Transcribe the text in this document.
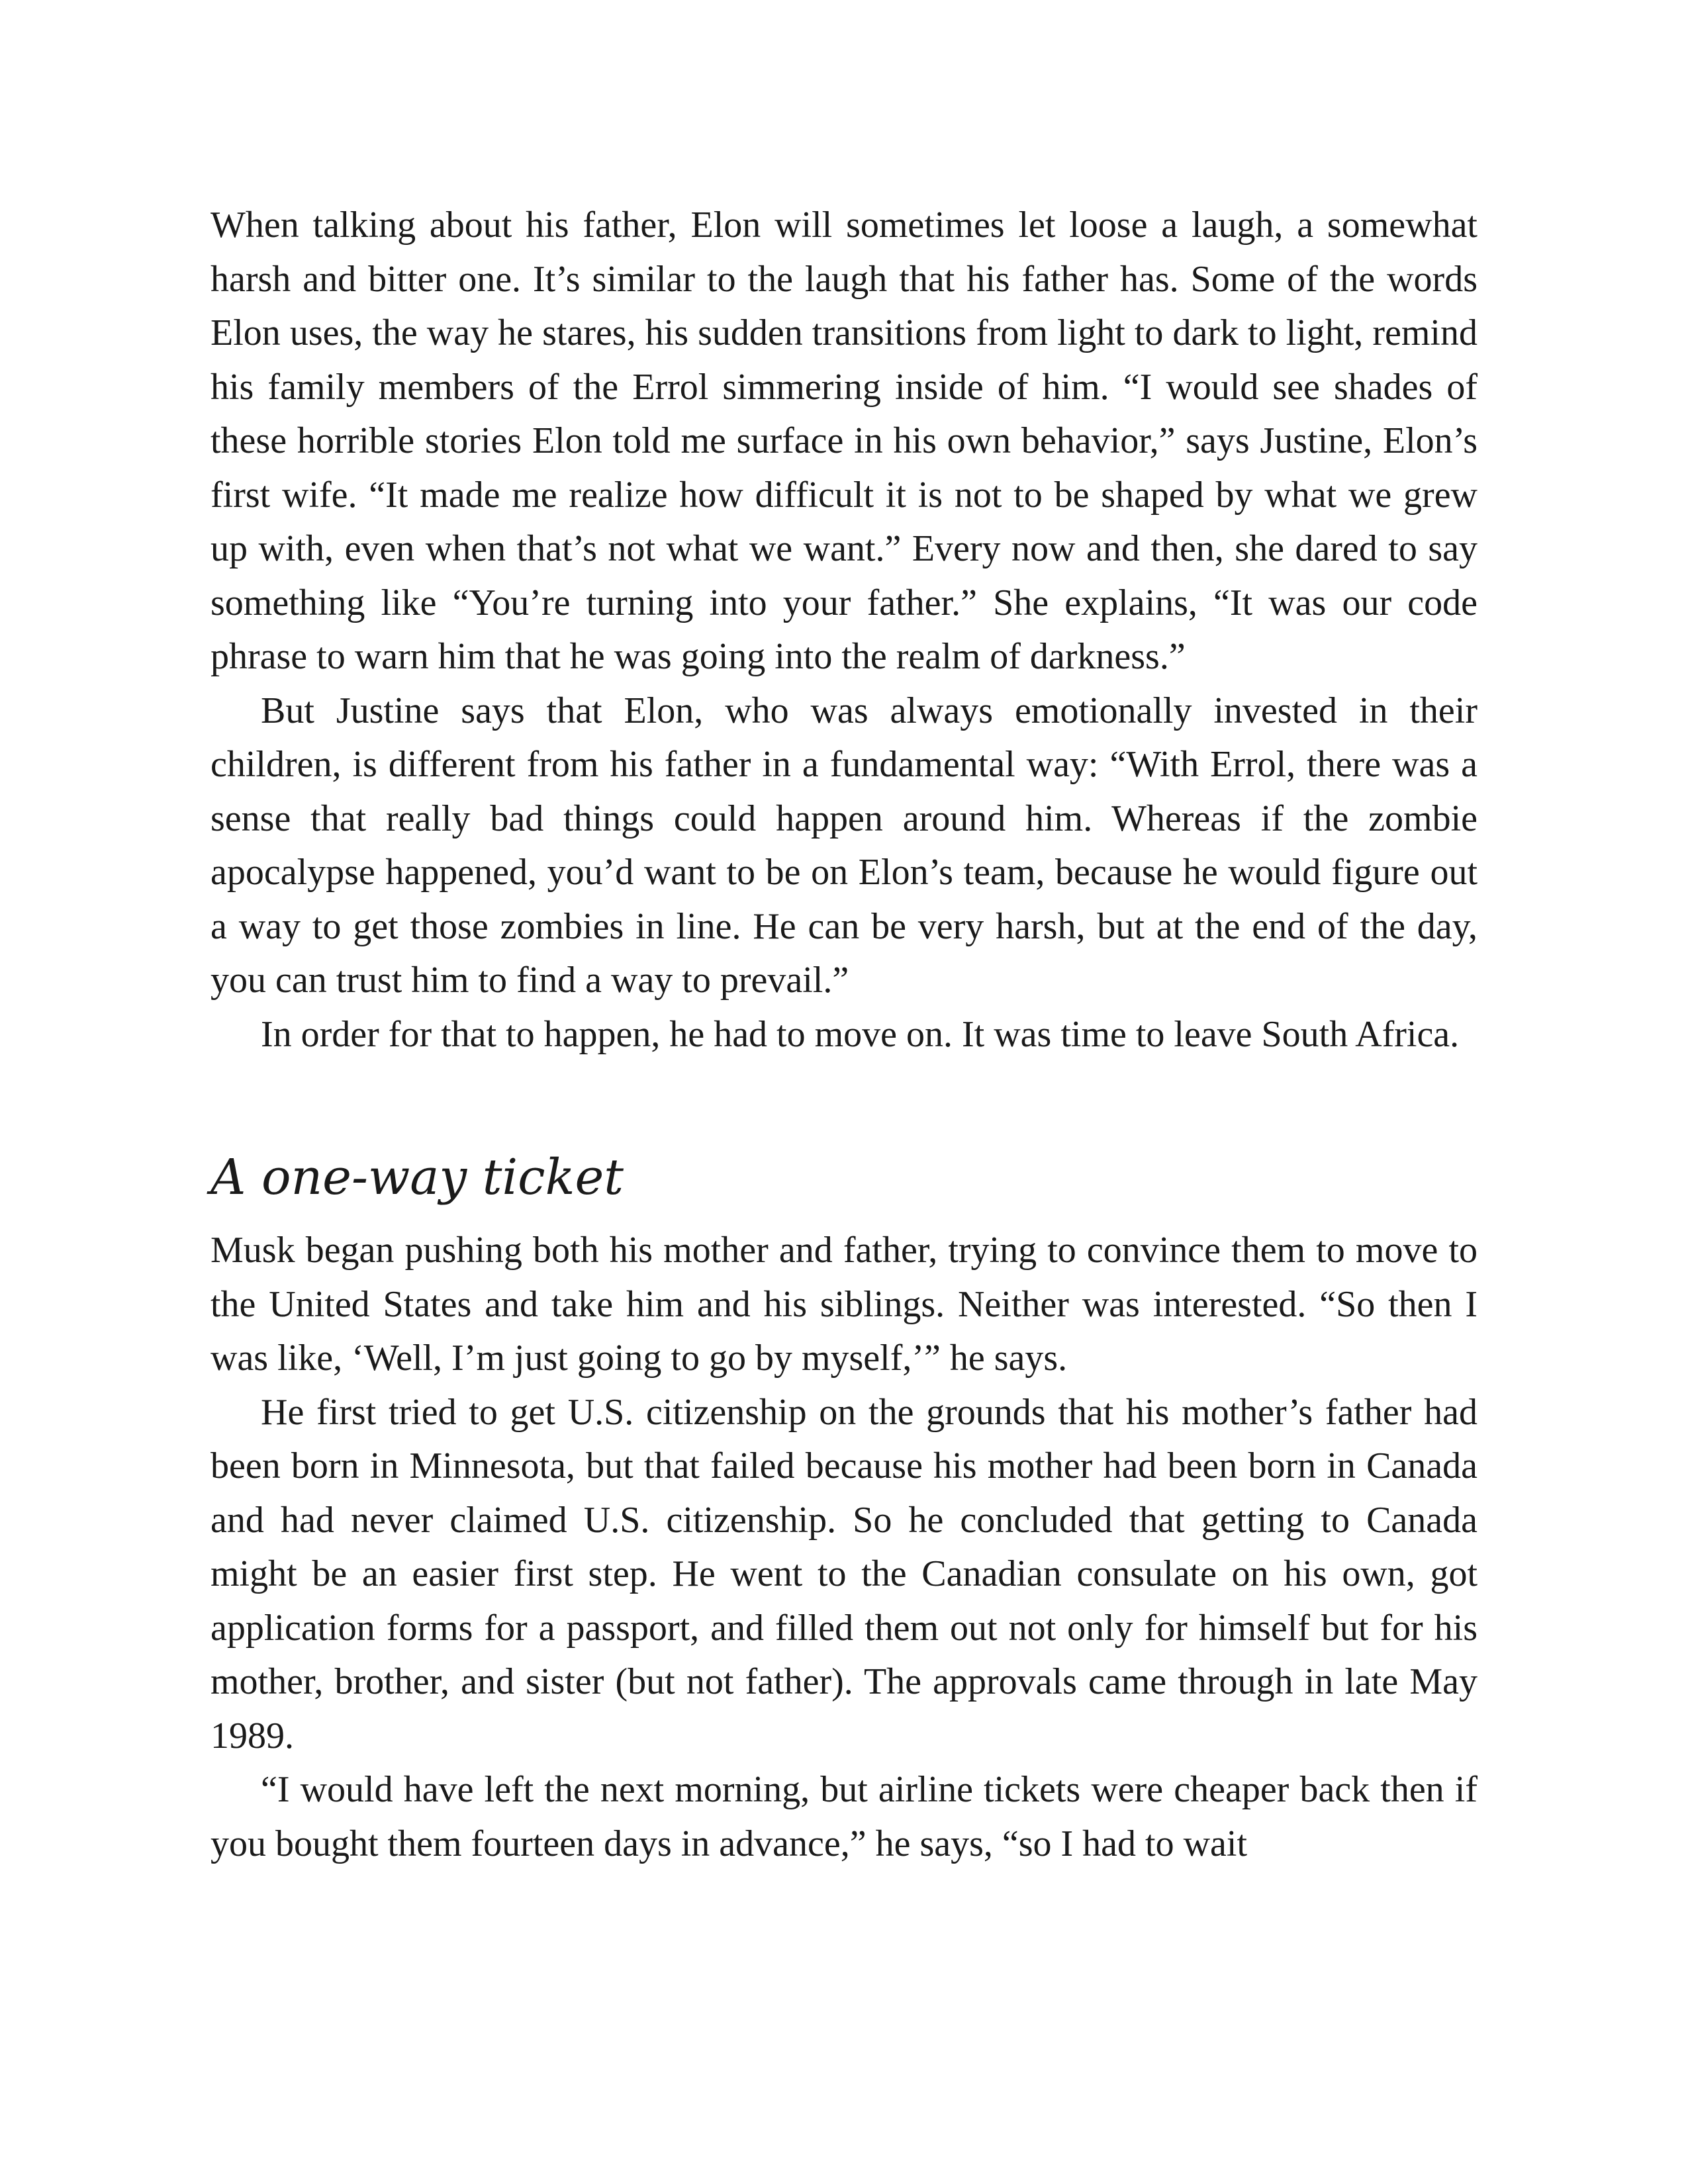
When talking about his father, Elon will sometimes let loose a laugh, a somewhat harsh and bitter one. It’s similar to the laugh that his father has. Some of the words Elon uses, the way he stares, his sudden transitions from light to dark to light, remind his family members of the Errol simmering inside of him. “I would see shades of these horrible stories Elon told me surface in his own behavior,” says Justine, Elon’s first wife. “It made me realize how difficult it is not to be shaped by what we grew up with, even when that’s not what we want.” Every now and then, she dared to say something like “You’re turning into your father.” She explains, “It was our code phrase to warn him that he was going into the realm of darkness.”

But Justine says that Elon, who was always emotionally invested in their children, is different from his father in a fundamental way: “With Errol, there was a sense that really bad things could happen around him. Whereas if the zombie apocalypse happened, you’d want to be on Elon’s team, because he would figure out a way to get those zombies in line. He can be very harsh, but at the end of the day, you can trust him to find a way to prevail.”

In order for that to happen, he had to move on. It was time to leave South Africa.

A one-way ticket

Musk began pushing both his mother and father, trying to convince them to move to the United States and take him and his siblings. Neither was interested. “So then I was like, ‘Well, I’m just going to go by myself,’” he says.

He first tried to get U.S. citizenship on the grounds that his mother’s father had been born in Minnesota, but that failed because his mother had been born in Canada and had never claimed U.S. citizenship. So he concluded that getting to Canada might be an easier first step. He went to the Canadian consulate on his own, got application forms for a passport, and filled them out not only for himself but for his mother, brother, and sister (but not father). The approvals came through in late May 1989.

“I would have left the next morning, but airline tickets were cheaper back then if you bought them fourteen days in advance,” he says, “so I had to wait
